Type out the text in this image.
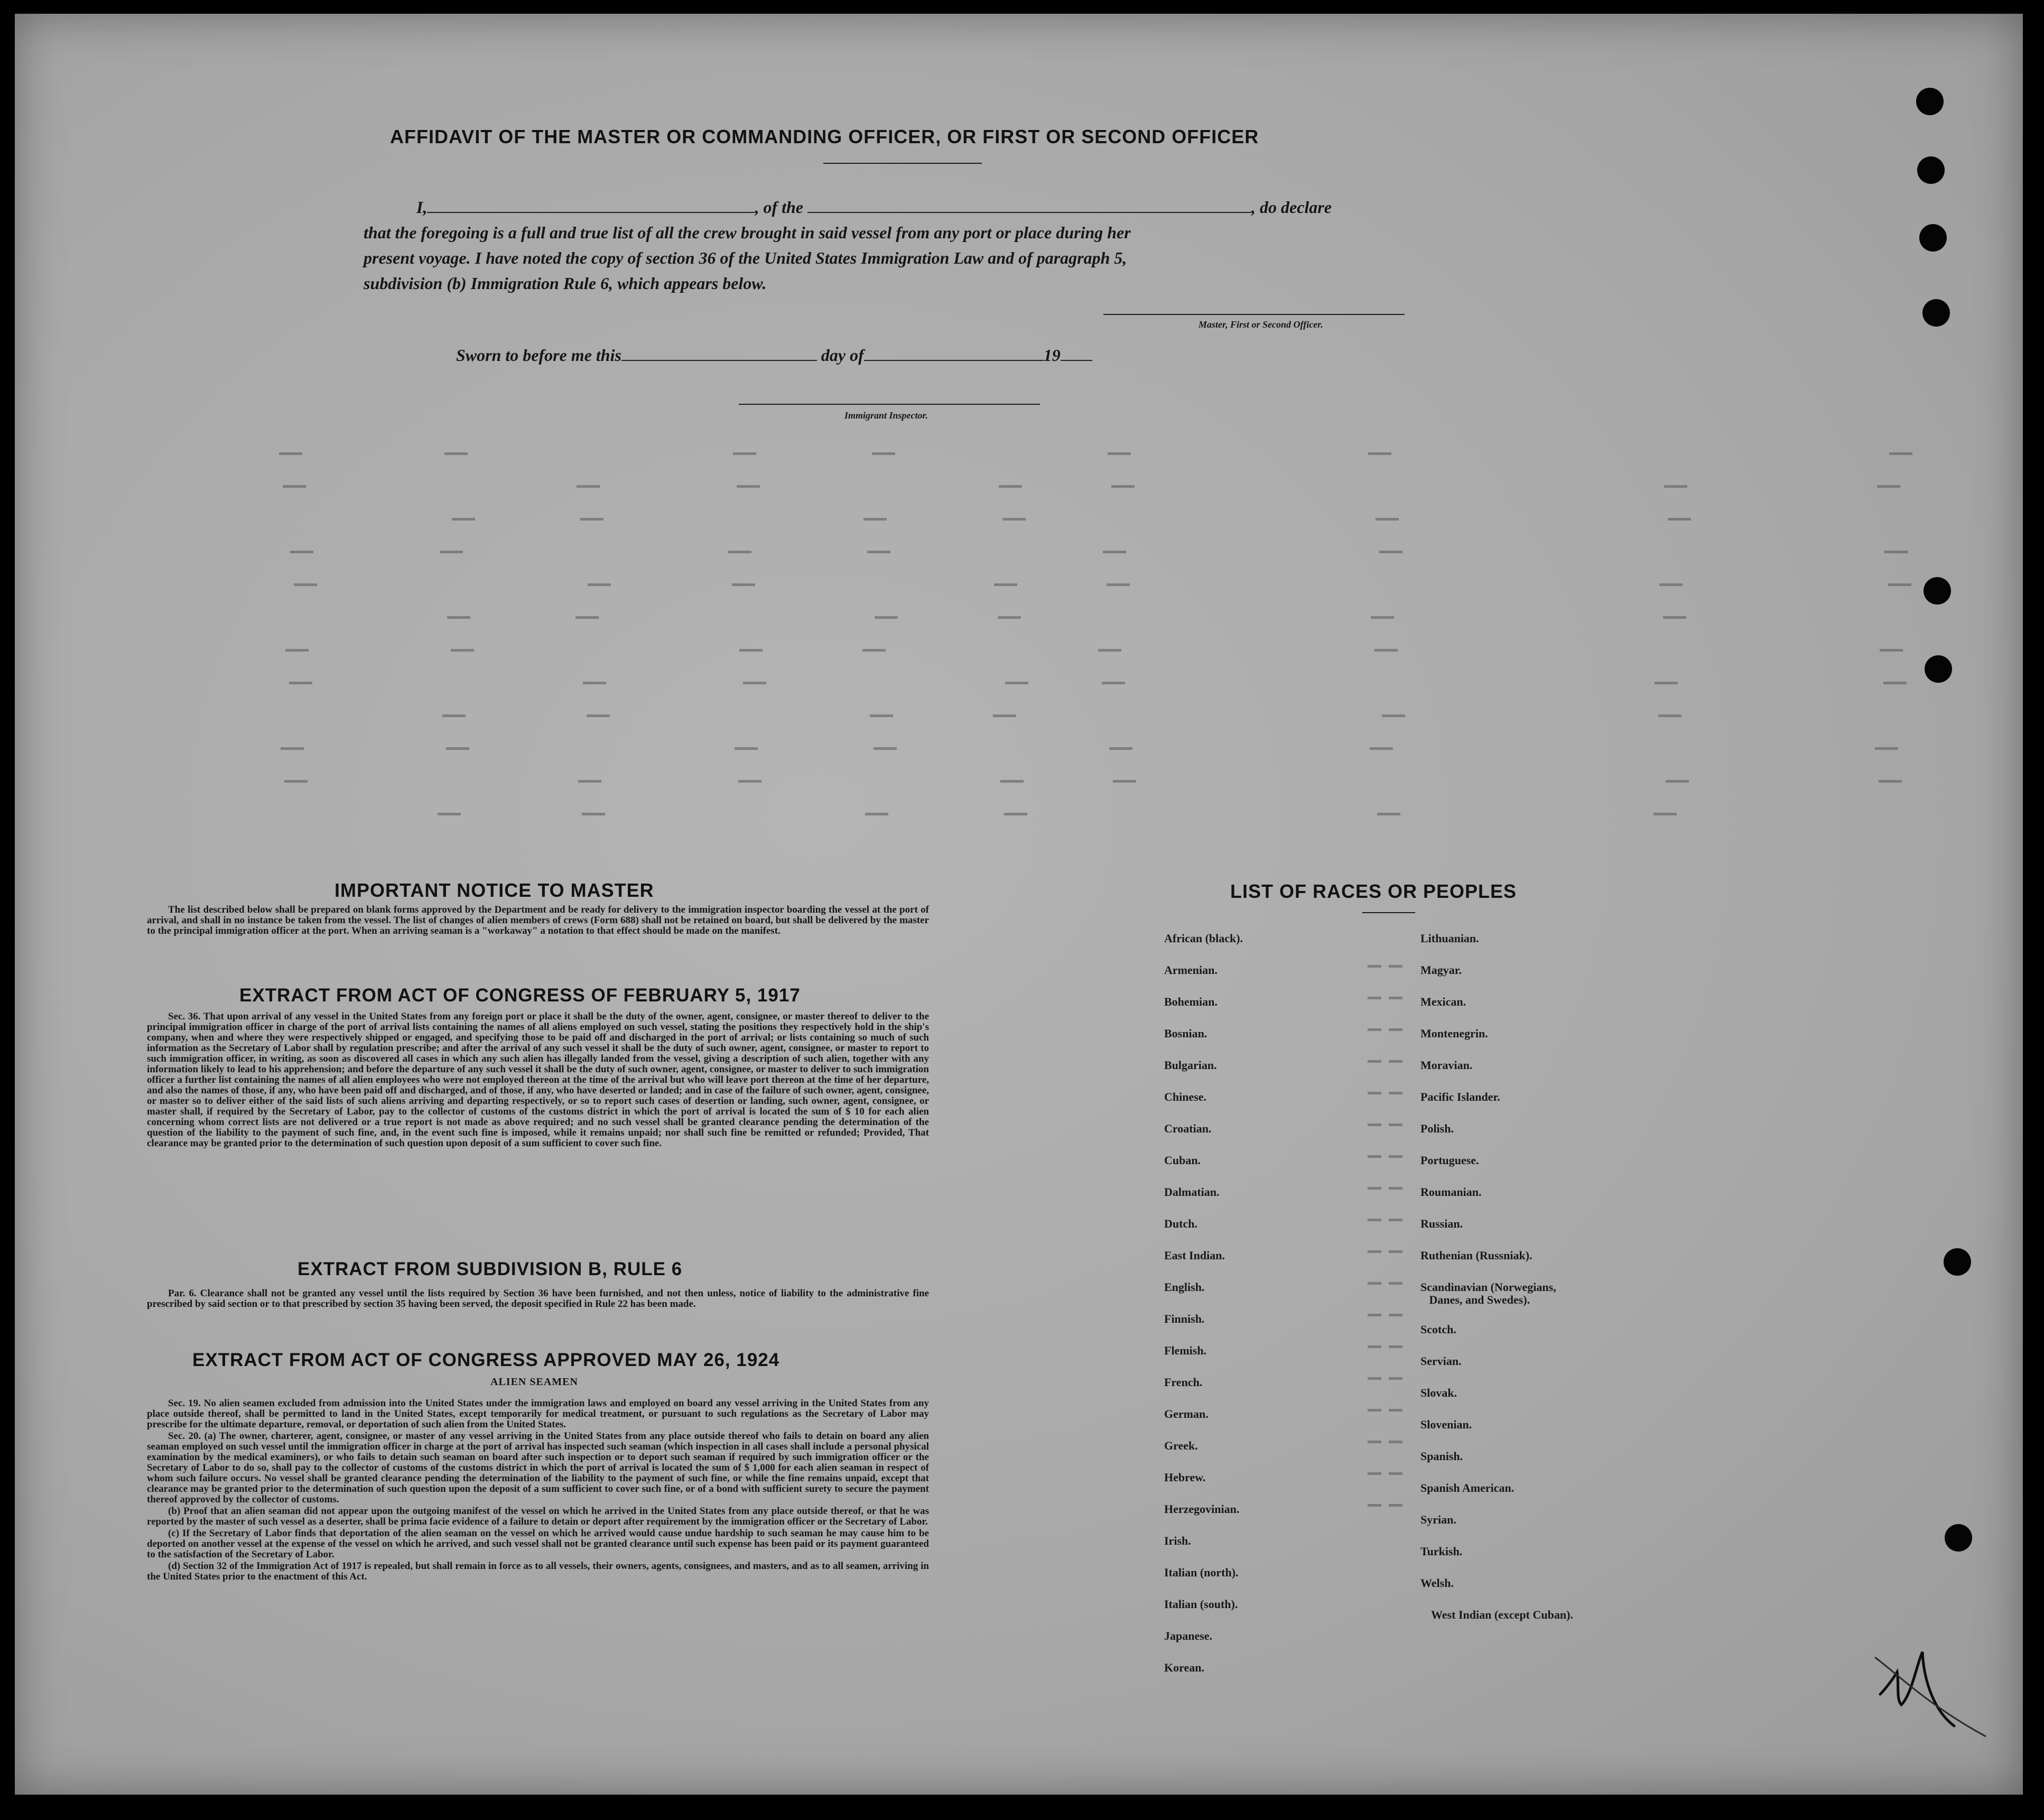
AFFIDAVIT OF THE MASTER OR COMMANDING OFFICER, OR FIRST OR SECOND OFFICER
I,	, of the	, do declare
that the foregoing is a full and true list of all the crew brought in said vessel from any port or place during her
present voyage. I have noted the copy of section 36 of the United States Immigration Law and of paragraph 5,
subdivision (b) Immigration Rule 6, which appears below.
Master, First or Second Officer.
Sworn to before me this	day of	19
Immigrant Inspector.
IMPORTANT NOTICE TO MASTER

The list described below shall be prepared on blank forms approved by the Department and be ready for delivery to the immigration inspector boarding the vessel at the port of arrival, and shall in no instance be taken from the vessel. The list of changes of alien members of crews (Form 688) shall not be retained on board, but shall be delivered by the master to the principal immigration officer at the port. When an arriving seaman is a "workaway" a notation to that effect should be made on the manifest.

EXTRACT FROM ACT OF CONGRESS OF FEBRUARY 5, 1917

Sec. 36. That upon arrival of any vessel in the United States from any foreign port or place it shall be the duty of the owner, agent, consignee, or master thereof to deliver to the principal immigration officer in charge of the port of arrival lists containing the names of all aliens employed on such vessel, stating the positions they respectively hold in the ship's company, when and where they were respectively shipped or engaged, and specifying those to be paid off and discharged in the port of arrival; or lists containing so much of such information as the Secretary of Labor shall by regulation prescribe; and after the arrival of any such vessel it shall be the duty of such owner, agent, consignee, or master to report to such immigration officer, in writing, as soon as discovered all cases in which any such alien has illegally landed from the vessel, giving a description of such alien, together with any information likely to lead to his apprehension; and before the departure of any such vessel it shall be the duty of such owner, agent, consignee, or master to deliver to such immigration officer a further list containing the names of all alien employees who were not employed thereon at the time of the arrival but who will leave port thereon at the time of her departure, and also the names of those, if any, who have been paid off and discharged, and of those, if any, who have deserted or landed; and in case of the failure of such owner, agent, consignee, or master so to deliver either of the said lists of such aliens arriving and departing respectively, or so to report such cases of desertion or landing, such owner, agent, consignee, or master shall, if required by the Secretary of Labor, pay to the collector of customs of the customs district in which the port of arrival is located the sum of $ 10 for each alien concerning whom correct lists are not delivered or a true report is not made as above required; and no such vessel shall be granted clearance pending the determination of the question of the liability to the payment of such fine, and, in the event such fine is imposed, while it remains unpaid; nor shall such fine be remitted or refunded; Provided, That clearance may be granted prior to the determination of such question upon deposit of a sum sufficient to cover such fine.

EXTRACT FROM SUBDIVISION B, RULE 6

Par. 6. Clearance shall not be granted any vessel until the lists required by Section 36 have been furnished, and not then unless, notice of liability to the administrative fine prescribed by said section or to that prescribed by section 35 having been served, the deposit specified in Rule 22 has been made.

EXTRACT FROM ACT OF CONGRESS APPROVED MAY 26, 1924
ALIEN SEAMEN

Sec. 19. No alien seamen excluded from admission into the United States under the immigration laws and employed on board any vessel arriving in the United States from any place outside thereof, shall be permitted to land in the United States, except temporarily for medical treatment, or pursuant to such regulations as the Secretary of Labor may prescribe for the ultimate departure, removal, or deportation of such alien from the United States.

Sec. 20. (a) The owner, charterer, agent, consignee, or master of any vessel arriving in the United States from any place outside thereof who fails to detain on board any alien seaman employed on such vessel until the immigration officer in charge at the port of arrival has inspected such seaman (which inspection in all cases shall include a personal physical examination by the medical examiners), or who fails to detain such seaman on board after such inspection or to deport such seaman if required by such immigration officer or the Secretary of Labor to do so, shall pay to the collector of customs of the customs district in which the port of arrival is located the sum of $ 1,000 for each alien seaman in respect of whom such failure occurs. No vessel shall be granted clearance pending the determination of the liability to the payment of such fine, or while the fine remains unpaid, except that clearance may be granted prior to the determination of such question upon the deposit of a sum sufficient to cover such fine, or of a bond with sufficient surety to secure the payment thereof approved by the collector of customs.

(b) Proof that an alien seaman did not appear upon the outgoing manifest of the vessel on which he arrived in the United States from any place outside thereof, or that he was reported by the master of such vessel as a deserter, shall be prima facie evidence of a failure to detain or deport after requirement by the immigration officer or the Secretary of Labor.

(c) If the Secretary of Labor finds that deportation of the alien seaman on the vessel on which he arrived would cause undue hardship to such seaman he may cause him to be deported on another vessel at the expense of the vessel on which he arrived, and such vessel shall not be granted clearance until such expense has been paid or its payment guaranteed to the satisfaction of the Secretary of Labor.

(d) Section 32 of the Immigration Act of 1917 is repealed, but shall remain in force as to all vessels, their owners, agents, consignees, and masters, and as to all seamen, arriving in the United States prior to the enactment of this Act.

LIST OF RACES OR PEOPLES
African (black).
Armenian.
Bohemian.
Bosnian.
Bulgarian.
Chinese.
Croatian.
Cuban.
Dalmatian.
Dutch.
East Indian.
English.
Finnish.
Flemish.
French.
German.
Greek.
Hebrew.
Herzegovinian.
Irish.
Italian (north).
Italian (south).
Japanese.
Korean.
Lithuanian.
Magyar.
Mexican.
Montenegrin.
Moravian.
Pacific Islander.
Polish.
Portuguese.
Roumanian.
Russian.
Ruthenian (Russniak).
Scandinavian (Norwegians,
Danes, and Swedes).
Scotch.
Servian.
Slovak.
Slovenian.
Spanish.
Spanish American.
Syrian.
Turkish.
Welsh.
West Indian (except Cuban).
